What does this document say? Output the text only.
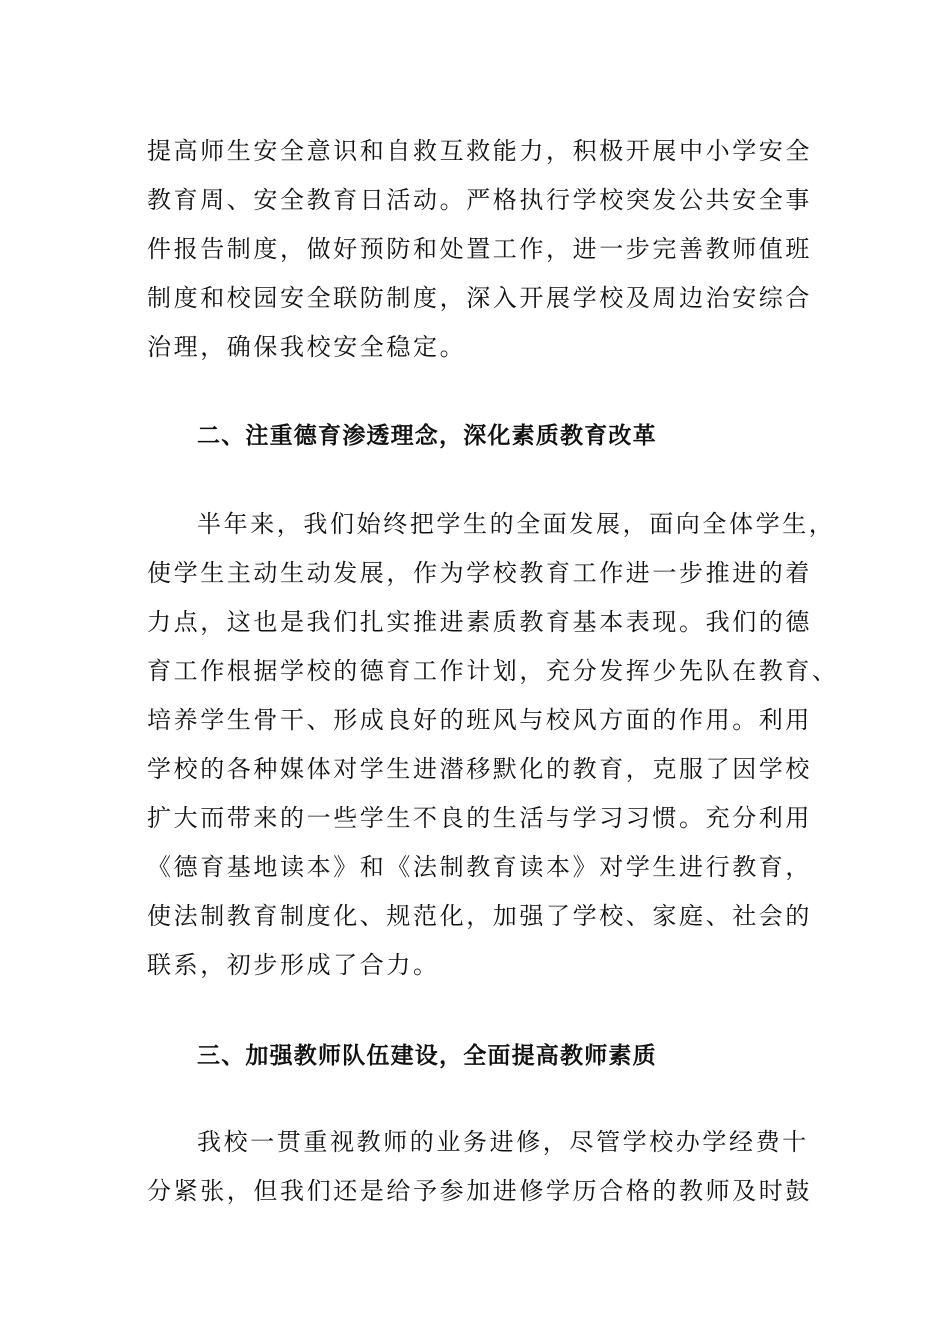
提高师生安全意识和自救互救能力，积极开展中小学安全
教育周、安全教育日活动。严格执行学校突发公共安全事
件报告制度，做好预防和处置工作，进一步完善教师值班
制度和校园安全联防制度，深入开展学校及周边治安综合
治理，确保我校安全稳定。
二、注重德育渗透理念，深化素质教育改革
半年来，我们始终把学生的全面发展，面向全体学生，
使学生主动生动发展，作为学校教育工作进一步推进的着
力点，这也是我们扎实推进素质教育基本表现。我们的德
育工作根据学校的德育工作计划，充分发挥少先队在教育、
培养学生骨干、形成良好的班风与校风方面的作用。利用
学校的各种媒体对学生进潜移默化的教育，克服了因学校
扩大而带来的一些学生不良的生活与学习习惯。充分利用
《德育基地读本》和《法制教育读本》对学生进行教育，
使法制教育制度化、规范化，加强了学校、家庭、社会的
联系，初步形成了合力。
三、加强教师队伍建设，全面提高教师素质
我校一贯重视教师的业务进修，尽管学校办学经费十
分紧张，但我们还是给予参加进修学历合格的教师及时鼓
